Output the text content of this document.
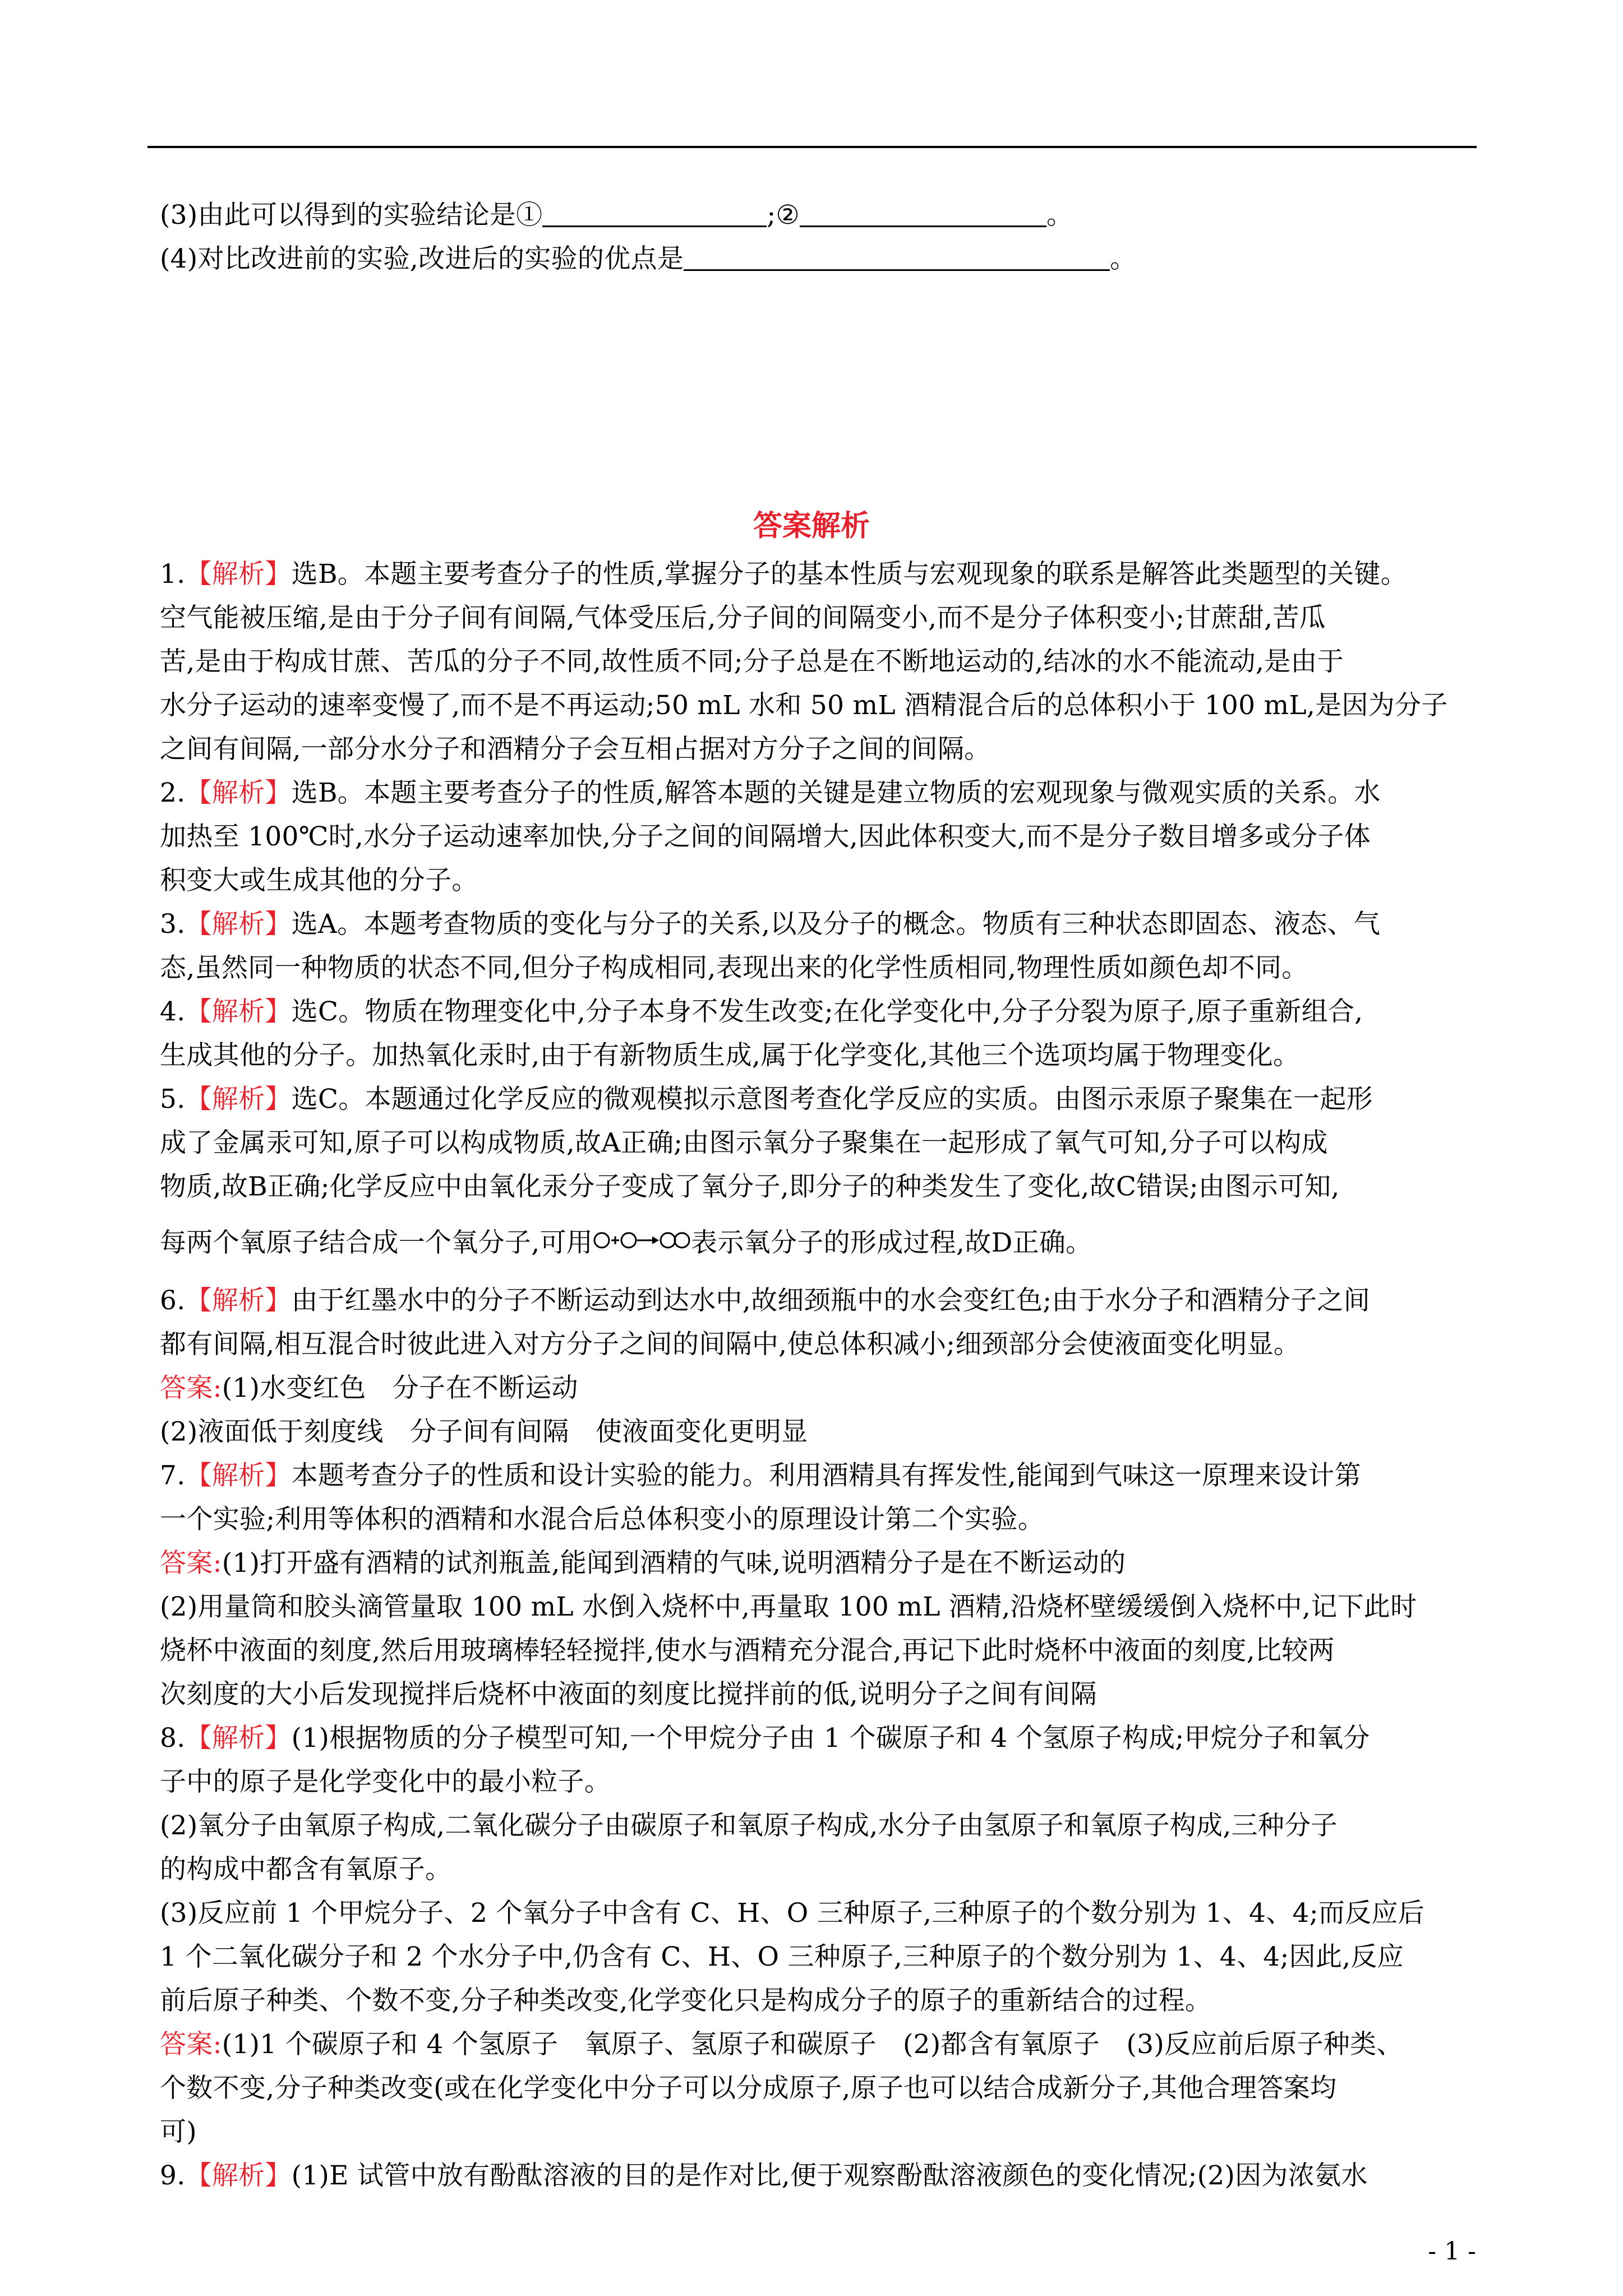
(3)由此可以得到的实验结论是①	;②	。
(4)对比改进前的实验,改进后的实验的优点是	。
答案解析
1.【解析】选B。本题主要考查分子的性质,掌握分子的基本性质与宏观现象的联系是解答此类题型的关键。
空气能被压缩,是由于分子间有间隔,气体受压后,分子间的间隔变小,而不是分子体积变小;甘蔗甜,苦瓜
苦,是由于构成甘蔗、苦瓜的分子不同,故性质不同;分子总是在不断地运动的,结冰的水不能流动,是由于
水分子运动的速率变慢了,而不是不再运动;50 mL 水和 50 mL 酒精混合后的总体积小于 100 mL,是因为分子
之间有间隔,一部分水分子和酒精分子会互相占据对方分子之间的间隔。
2.【解析】选B。本题主要考查分子的性质,解答本题的关键是建立物质的宏观现象与微观实质的关系。水
加热至 100℃时,水分子运动速率加快,分子之间的间隔增大,因此体积变大,而不是分子数目增多或分子体
积变大或生成其他的分子。
3.【解析】选A。本题考查物质的变化与分子的关系,以及分子的概念。物质有三种状态即固态、液态、气
态,虽然同一种物质的状态不同,但分子构成相同,表现出来的化学性质相同,物理性质如颜色却不同。
4.【解析】选C。物质在物理变化中,分子本身不发生改变;在化学变化中,分子分裂为原子,原子重新组合,
生成其他的分子。加热氧化汞时,由于有新物质生成,属于化学变化,其他三个选项均属于物理变化。
5.【解析】选C。本题通过化学反应的微观模拟示意图考查化学反应的实质。由图示汞原子聚集在一起形
成了金属汞可知,原子可以构成物质,故A正确;由图示氧分子聚集在一起形成了氧气可知,分子可以构成
物质,故B正确;化学反应中由氧化汞分子变成了氧分子,即分子的种类发生了变化,故C错误;由图示可知,
每两个氧原子结合成一个氧分子,可用	表示氧分子的形成过程,故D正确。
6.【解析】由于红墨水中的分子不断运动到达水中,故细颈瓶中的水会变红色;由于水分子和酒精分子之间
都有间隔,相互混合时彼此进入对方分子之间的间隔中,使总体积减小;细颈部分会使液面变化明显。
答案:(1)水变红色　分子在不断运动
(2)液面低于刻度线　分子间有间隔　使液面变化更明显
7.【解析】本题考查分子的性质和设计实验的能力。利用酒精具有挥发性,能闻到气味这一原理来设计第
一个实验;利用等体积的酒精和水混合后总体积变小的原理设计第二个实验。
答案:(1)打开盛有酒精的试剂瓶盖,能闻到酒精的气味,说明酒精分子是在不断运动的
(2)用量筒和胶头滴管量取 100 mL 水倒入烧杯中,再量取 100 mL 酒精,沿烧杯壁缓缓倒入烧杯中,记下此时
烧杯中液面的刻度,然后用玻璃棒轻轻搅拌,使水与酒精充分混合,再记下此时烧杯中液面的刻度,比较两
次刻度的大小后发现搅拌后烧杯中液面的刻度比搅拌前的低,说明分子之间有间隔
8.【解析】(1)根据物质的分子模型可知,一个甲烷分子由 1 个碳原子和 4 个氢原子构成;甲烷分子和氧分
子中的原子是化学变化中的最小粒子。
(2)氧分子由氧原子构成,二氧化碳分子由碳原子和氧原子构成,水分子由氢原子和氧原子构成,三种分子
的构成中都含有氧原子。
(3)反应前 1 个甲烷分子、2 个氧分子中含有 C、H、O 三种原子,三种原子的个数分别为 1、4、4;而反应后
1 个二氧化碳分子和 2 个水分子中,仍含有 C、H、O 三种原子,三种原子的个数分别为 1、4、4;因此,反应
前后原子种类、个数不变,分子种类改变,化学变化只是构成分子的原子的重新结合的过程。
答案:(1)1 个碳原子和 4 个氢原子　氧原子、氢原子和碳原子　(2)都含有氧原子　(3)反应前后原子种类、
个数不变,分子种类改变(或在化学变化中分子可以分成原子,原子也可以结合成新分子,其他合理答案均
可)
9.【解析】(1)E 试管中放有酚酞溶液的目的是作对比,便于观察酚酞溶液颜色的变化情况;(2)因为浓氨水
- 1 -
